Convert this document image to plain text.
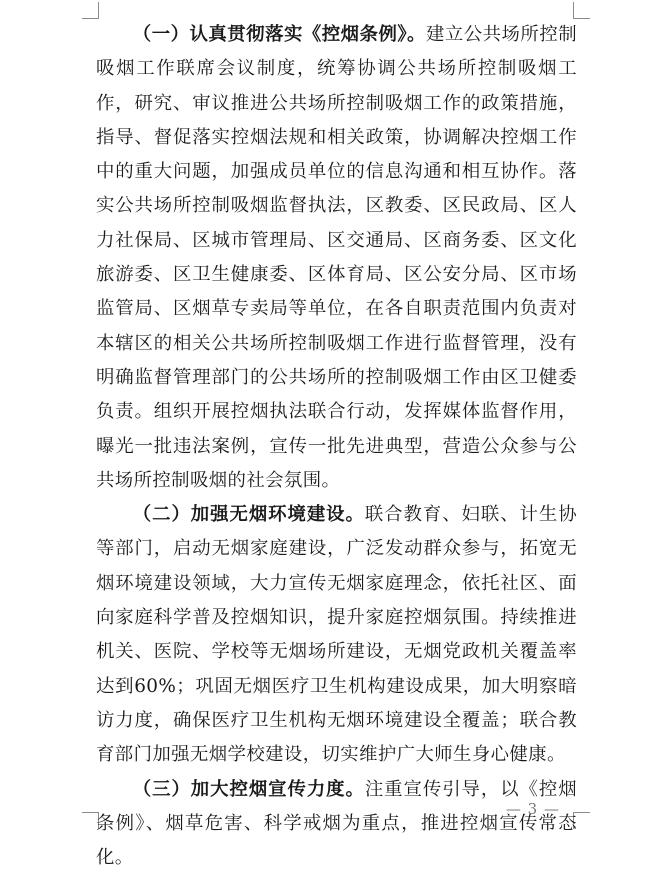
（一）认真贯彻落实《控烟条例》。建立公共场所控制吸烟工作联席会议制度，统筹协调公共场所控制吸烟工作，研究、审议推进公共场所控制吸烟工作的政策措施，指导、督促落实控烟法规和相关政策，协调解决控烟工作中的重大问题，加强成员单位的信息沟通和相互协作。落实公共场所控制吸烟监督执法，区教委、区民政局、区人力社保局、区城市管理局、区交通局、区商务委、区文化旅游委、区卫生健康委、区体育局、区公安分局、区市场监管局、区烟草专卖局等单位，在各自职责范围内负责对本辖区的相关公共场所控制吸烟工作进行监督管理，没有明确监督管理部门的公共场所的控制吸烟工作由区卫健委负责。组织开展控烟执法联合行动，发挥媒体监督作用，曝光一批违法案例，宣传一批先进典型，营造公众参与公共场所控制吸烟的社会氛围。

（二）加强无烟环境建设。联合教育、妇联、计生协等部门，启动无烟家庭建设，广泛发动群众参与，拓宽无烟环境建设领域，大力宣传无烟家庭理念，依托社区、面向家庭科学普及控烟知识，提升家庭控烟氛围。持续推进机关、医院、学校等无烟场所建设，无烟党政机关覆盖率达到60%；巩固无烟医疗卫生机构建设成果，加大明察暗访力度，确保医疗卫生机构无烟环境建设全覆盖；联合教育部门加强无烟学校建设，切实维护广大师生身心健康。

（三）加大控烟宣传力度。注重宣传引导，以《控烟条例》、烟草危害、科学戒烟为重点，推进控烟宣传常态化。

— 3 —
